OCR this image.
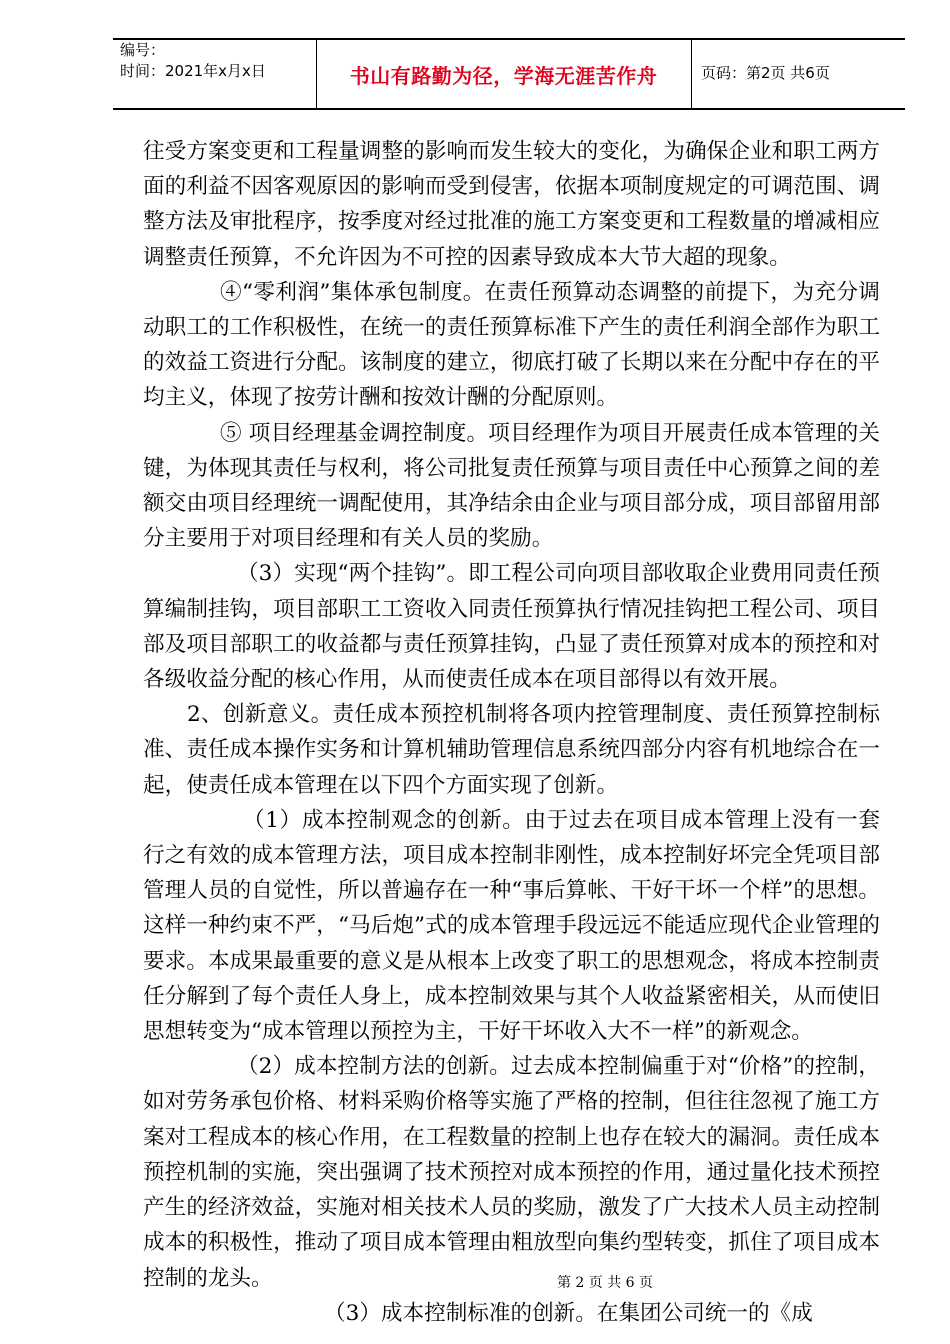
编号：
时间：2021年x月x日	书山有路勤为径，学海无涯苦作舟	页码：第2页 共6页

往受方案变更和工程量调整的影响而发生较大的变化，为确保企业和职工两方面的利益不因客观原因的影响而受到侵害，依据本项制度规定的可调范围、调整方法及审批程序，按季度对经过批准的施工方案变更和工程数量的增减相应调整责任预算，不允许因为不可控的因素导致成本大节大超的现象。

④“零利润”集体承包制度。在责任预算动态调整的前提下，为充分调动职工的工作积极性，在统一的责任预算标准下产生的责任利润全部作为职工的效益工资进行分配。该制度的建立，彻底打破了长期以来在分配中存在的平均主义，体现了按劳计酬和按效计酬的分配原则。

⑤ 项目经理基金调控制度。项目经理作为项目开展责任成本管理的关键，为体现其责任与权利，将公司批复责任预算与项目责任中心预算之间的差额交由项目经理统一调配使用，其净结余由企业与项目部分成，项目部留用部分主要用于对项目经理和有关人员的奖励。

（3）实现“两个挂钩”。即工程公司向项目部收取企业费用同责任预算编制挂钩，项目部职工工资收入同责任预算执行情况挂钩把工程公司、项目部及项目部职工的收益都与责任预算挂钩，凸显了责任预算对成本的预控和对各级收益分配的核心作用，从而使责任成本在项目部得以有效开展。

2、创新意义。责任成本预控机制将各项内控管理制度、责任预算控制标准、责任成本操作实务和计算机辅助管理信息系统四部分内容有机地综合在一起，使责任成本管理在以下四个方面实现了创新。

（1）成本控制观念的创新。由于过去在项目成本管理上没有一套行之有效的成本管理方法，项目成本控制非刚性，成本控制好坏完全凭项目部管理人员的自觉性，所以普遍存在一种“事后算帐、干好干坏一个样”的思想。这样一种约束不严，“马后炮”式的成本管理手段远远不能适应现代企业管理的要求。本成果最重要的意义是从根本上改变了职工的思想观念，将成本控制责任分解到了每个责任人身上，成本控制效果与其个人收益紧密相关，从而使旧思想转变为“成本管理以预控为主，干好干坏收入大不一样”的新观念。

（2）成本控制方法的创新。过去成本控制偏重于对“价格”的控制，如对劳务承包价格、材料采购价格等实施了严格的控制，但往往忽视了施工方案对工程成本的核心作用，在工程数量的控制上也存在较大的漏洞。责任成本预控机制的实施，突出强调了技术预控对成本预控的作用，通过量化技术预控产生的经济效益，实施对相关技术人员的奖励，激发了广大技术人员主动控制成本的积极性，推动了项目成本管理由粗放型向集约型转变，抓住了项目成本控制的龙头。

（3）成本控制标准的创新。在集团公司统一的《成

第 2 页 共 6 页
